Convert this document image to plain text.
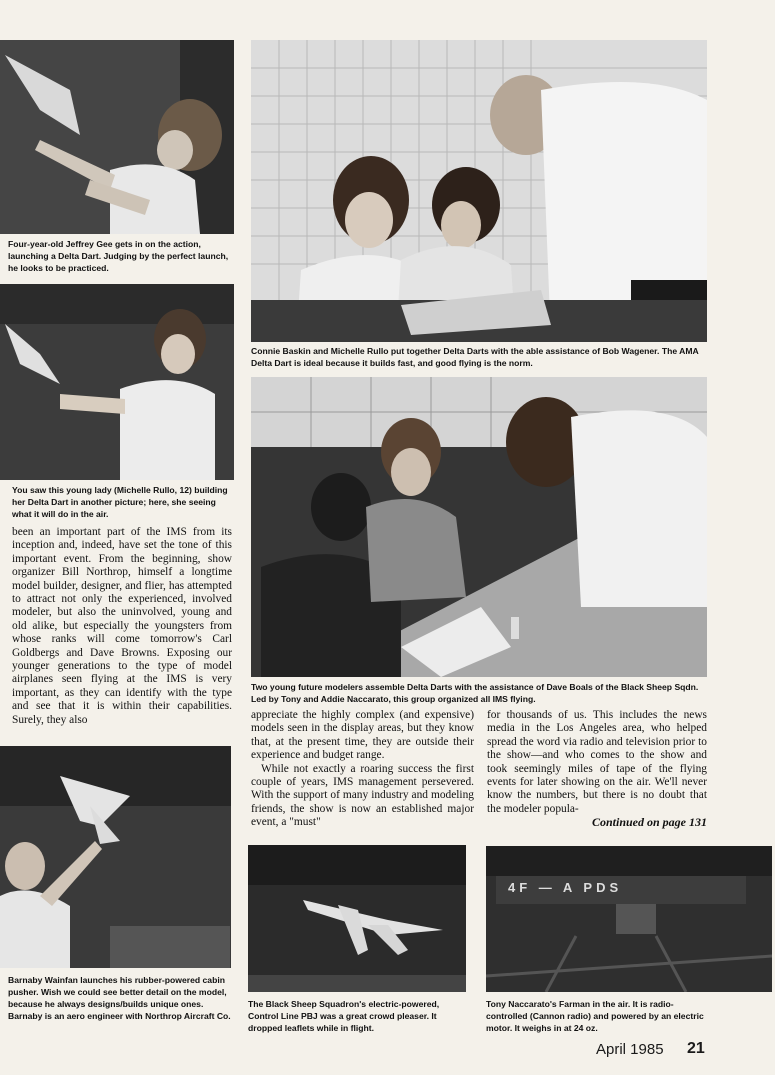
Four-year-old Jeffrey Gee gets in on the action, launching a Delta Dart. Judging by the perfect launch, he looks to be practiced.
Connie Baskin and Michelle Rullo put together Delta Darts with the able assistance of Bob Wagener. The AMA Delta Dart is ideal because it builds fast, and good flying is the norm.
You saw this young lady (Michelle Rullo, 12) building her Delta Dart in another picture; here, she seeing what it will do in the air.
Two young future modelers assemble Delta Darts with the assistance of Dave Boals of the Black Sheep Sqdn. Led by Tony and Addie Naccarato, this group organized all IMS flying.

been an important part of the IMS from its inception and, indeed, have set the tone of this important event. From the beginning, show organizer Bill Northrop, himself a longtime model builder, designer, and flier, has attempted to attract not only the experienced, involved modeler, but also the uninvolved, young and old alike, but especially the youngsters from whose ranks will come tomorrow's Carl Goldbergs and Dave Browns. Exposing our younger generations to the type of model airplanes seen flying at the IMS is very important, as they can identify with the type and see that it is within their capabilities. Surely, they also	appreciate the highly complex (and expensive) models seen in the display areas, but they know that, at the present time, they are outside their experience and budget range.

While not exactly a roaring success the first couple of years, IMS management persevered. With the support of many industry and modeling friends, the show is now an established major event, a "must"

for thousands of us. This includes the news media in the Los Angeles area, who helped spread the word via radio and television prior to the show—and who comes to the show and took seemingly miles of tape of the flying events for later showing on the air. We'll never know the numbers, but there is no doubt that the modeler popula-

Continued on page 131
Barnaby Wainfan launches his rubber-powered cabin pusher. Wish we could see better detail on the model, because he always designs/builds unique ones. Barnaby is an aero engineer with Northrop Aircraft Co.
The Black Sheep Squadron's electric-powered, Control Line PBJ was a great crowd pleaser. It dropped leaflets while in flight.
4F — A PDS
Tony Naccarato's Farman in the air. It is radio-controlled (Cannon radio) and powered by an electric motor. It weighs in at 24 oz.
April 1985 21
